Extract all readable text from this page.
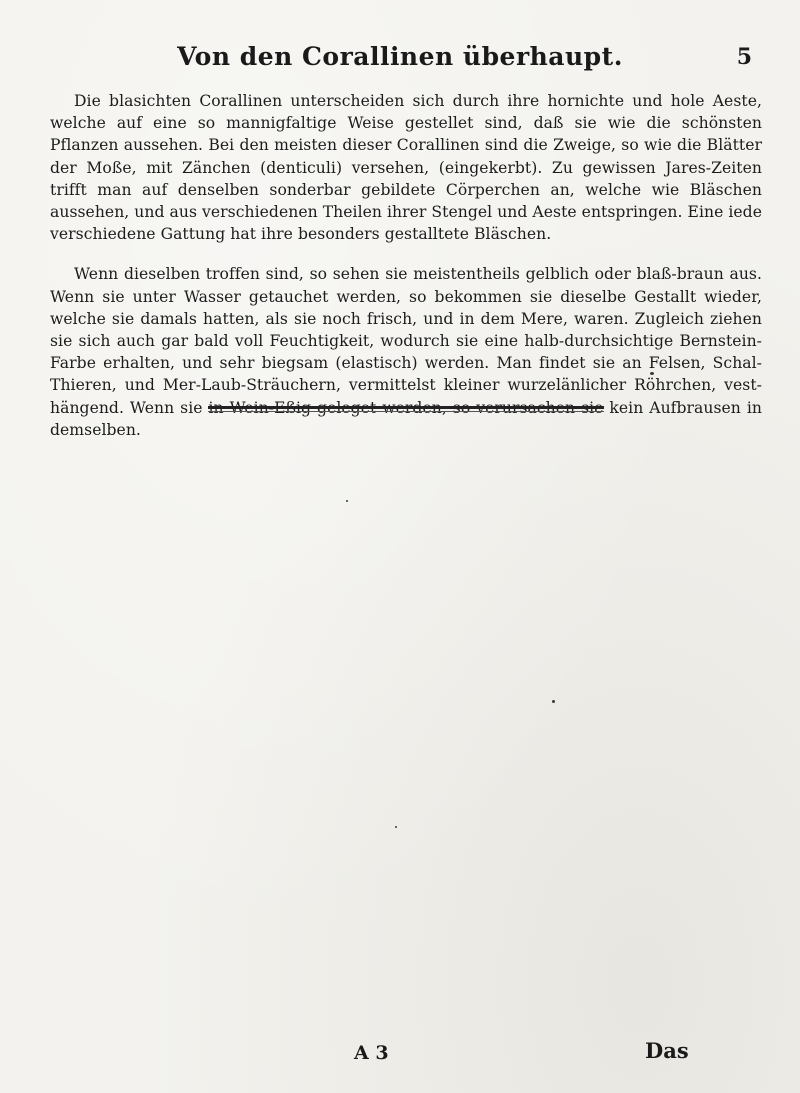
Von den Corallinen überhaupt.	5

Die blasichten Corallinen unterscheiden sich durch ihre hornichte und hole Aeste, welche auf eine so mannigfaltige Weise gestellet sind, daß sie wie die schönsten Pflanzen aussehen. Bei den meisten dieser Corallinen sind die Zweige, so wie die Blätter der Moße, mit Zänchen (denticuli) versehen, (eingekerbt). Zu gewissen Jares-Zeiten trifft man auf denselben sonderbar gebildete Cörperchen an, welche wie Bläschen aussehen, und aus verschiedenen Theilen ihrer Stengel und Aeste entspringen. Eine iede verschiedene Gattung hat ihre besonders gestalltete Bläschen.

Wenn dieselben troffen sind, so sehen sie meistentheils gelblich oder blaß-braun aus. Wenn sie unter Wasser getauchet werden, so bekommen sie dieselbe Gestallt wieder, welche sie damals hatten, als sie noch frisch, und in dem Mere, waren. Zugleich ziehen sie sich auch gar bald voll Feuchtigkeit, wodurch sie eine halb-durchsichtige Bernstein-Farbe erhalten, und sehr biegsam (elastisch) werden. Man findet sie an Felsen, Schal-Thieren, und Mer-Laub-Sträuchern, vermittelst kleiner wurzelänlicher Röhrchen, vest-hängend. Wenn sie in Wein-Eßig geleget werden, so verursachen sie kein Aufbrausen in demselben.

A 3	Das
